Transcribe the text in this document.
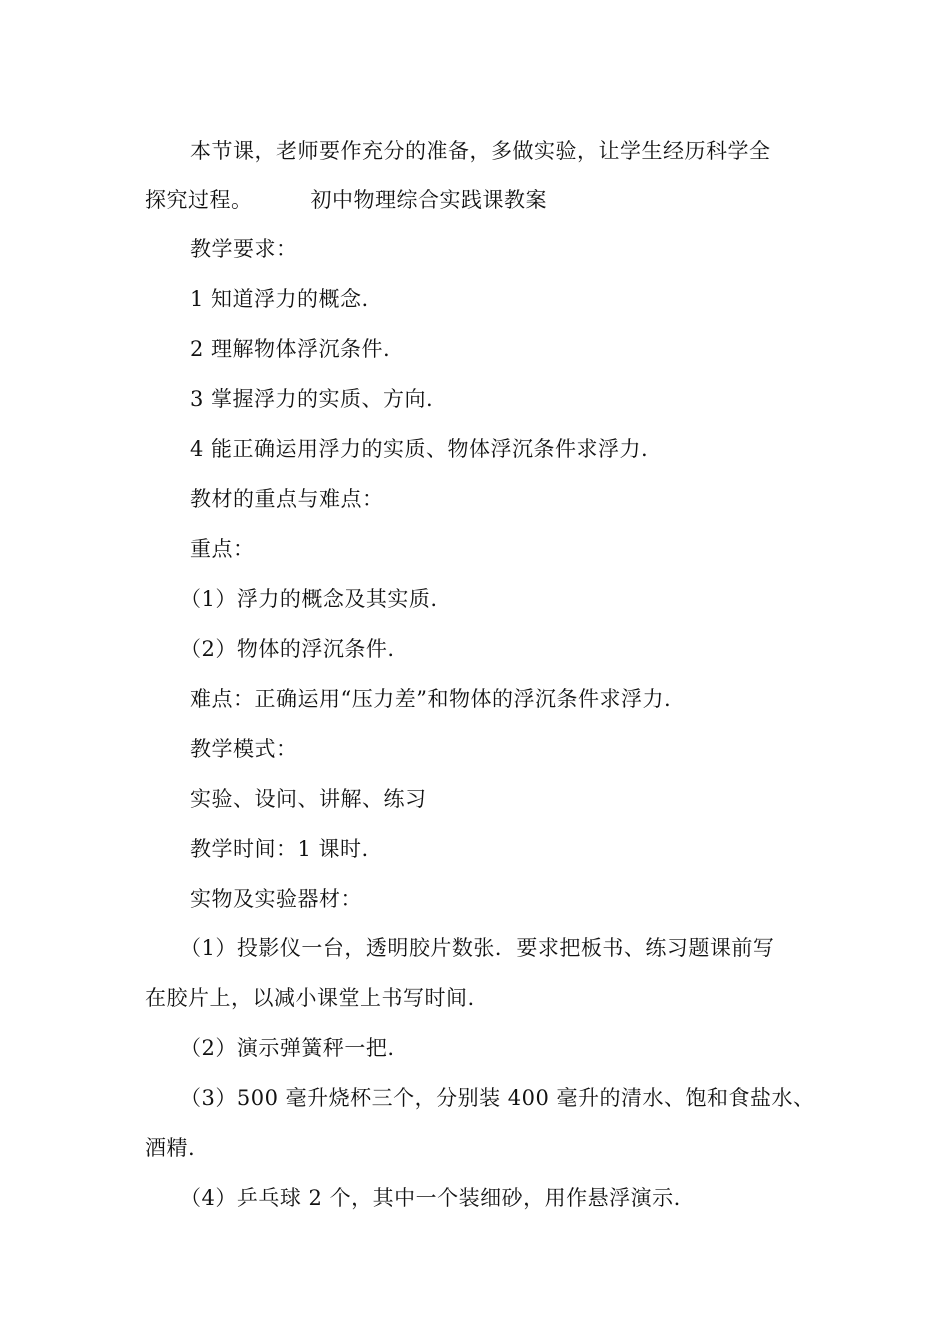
本节课，老师要作充分的准备，多做实验，让学生经历科学全
探究过程。	初中物理综合实践课教案
教学要求：
1 知道浮力的概念.
2 理解物体浮沉条件.
3 掌握浮力的实质、方向.
4 能正确运用浮力的实质、物体浮沉条件求浮力.
教材的重点与难点：
重点：
（1）浮力的概念及其实质.
（2）物体的浮沉条件.
难点：正确运用“压力差”和物体的浮沉条件求浮力.
教学模式：
实验、设问、讲解、练习
教学时间：1 课时.
实物及实验器材：
（1）投影仪一台，透明胶片数张．要求把板书、练习题课前写
在胶片上，以减小课堂上书写时间.
（2）演示弹簧秤一把.
（3）500 毫升烧杯三个，分别装 400 毫升的清水、饱和食盐水、
酒精.
（4）乒乓球 2 个，其中一个装细砂，用作悬浮演示.
